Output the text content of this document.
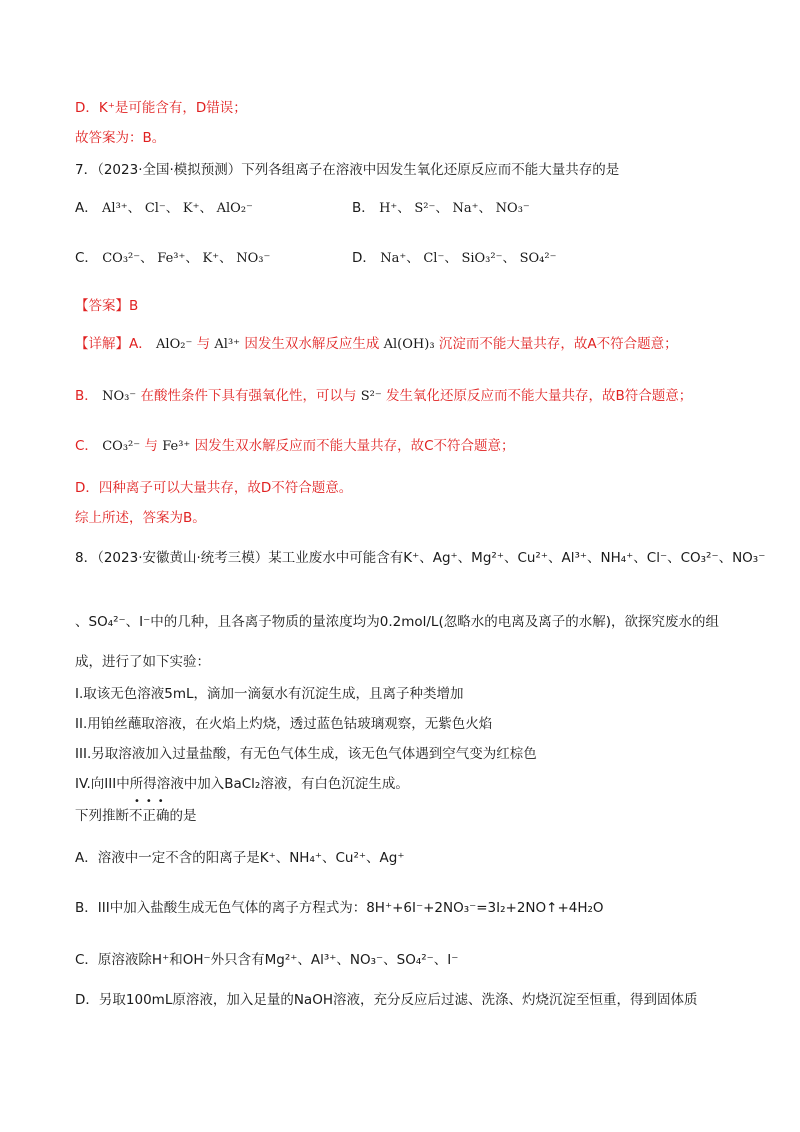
D．K⁺是可能含有，D错误；
故答案为：B。
7．（2023·全国·模拟预测）下列各组离子在溶液中因发生氧化还原反应而不能大量共存的是
A． Al³⁺、 Cl⁻、 K⁺、 AlO₂⁻	B． H⁺、 S²⁻、 Na⁺、 NO₃⁻
C． CO₃²⁻、 Fe³⁺、 K⁺、 NO₃⁻	D． Na⁺、 Cl⁻、 SiO₃²⁻、 SO₄²⁻
【答案】B
【详解】A． AlO₂⁻ 与 Al³⁺ 因发生双水解反应生成 Al(OH)₃ 沉淀而不能大量共存，故A不符合题意；
B． NO₃⁻ 在酸性条件下具有强氧化性，可以与 S²⁻ 发生氧化还原反应而不能大量共存，故B符合题意；
C． CO₃²⁻ 与 Fe³⁺ 因发生双水解反应而不能大量共存，故C不符合题意；
D．四种离子可以大量共存，故D不符合题意。
综上所述，答案为B。
8．（2023·安徽黄山·统考三模）某工业废水中可能含有K⁺、Ag⁺、Mg²⁺、Cu²⁺、Al³⁺、NH₄⁺、Cl⁻、CO₃²⁻、NO₃⁻
、SO₄²⁻、I⁻中的几种，且各离子物质的量浓度均为0.2mol/L(忽略水的电离及离子的水解)，欲探究废水的组
成，进行了如下实验：
I.取该无色溶液5mL，滴加一滴氨水有沉淀生成，且离子种类增加
II.用铂丝蘸取溶液，在火焰上灼烧，透过蓝色钴玻璃观察，无紫色火焰
III.另取溶液加入过量盐酸，有无色气体生成，该无色气体遇到空气变为红棕色
IV.向III中所得溶液中加入BaCl₂溶液，有白色沉淀生成。
•••
下列推断不正确的是
A．溶液中一定不含的阳离子是K⁺、NH₄⁺、Cu²⁺、Ag⁺
B．III中加入盐酸生成无色气体的离子方程式为：8H⁺+6I⁻+2NO₃⁻=3I₂+2NO↑+4H₂O
C．原溶液除H⁺和OH⁻外只含有Mg²⁺、Al³⁺、NO₃⁻、SO₄²⁻、I⁻
D．另取100mL原溶液，加入足量的NaOH溶液，充分反应后过滤、洗涤、灼烧沉淀至恒重，得到固体质
